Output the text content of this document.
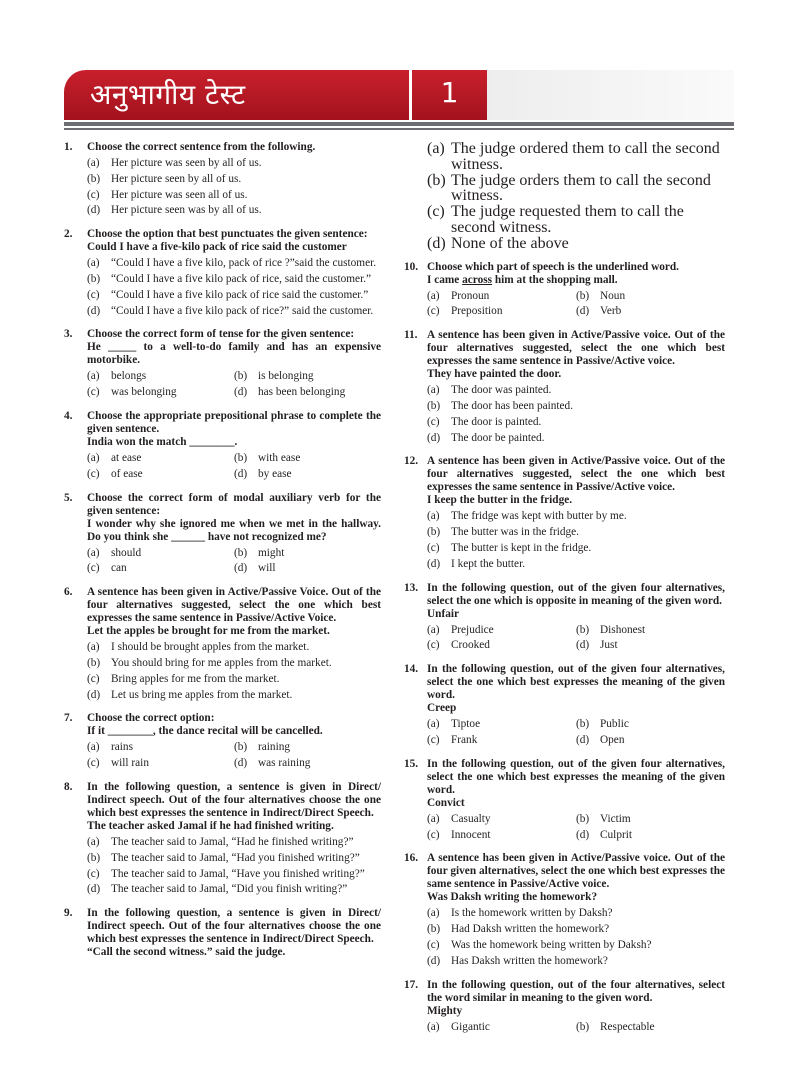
अनुभागीय टेस्ट	1
1.	Choose the correct sentence from the following.
(a)	Her picture was seen by all of us.
(b) Her picture seen by all of us.
(c)	Her picture was seen all of us.
(d) Her picture seen was by all of us.
2.	Choose the option that best punctuates the given sentence:
Could I have a five-kilo pack of rice said the customer
(a)	“Could I have a five kilo, pack of rice ?”said the customer.
(b) “Could I have a five kilo pack of rice, said the customer.”
(c)	“Could I have a five kilo pack of rice said the customer.”
(d) “Could I have a five kilo pack of rice?” said the customer.
3.	Choose the correct form of tense for the given sentence:
He _____ to a well-to-do family and has an expensive motorbike.
(a)	belongs	(b) is belonging
(c)	was belonging	(d) has been belonging
4.	Choose the appropriate prepositional phrase to complete the given sentence.
India won the match ________.
(a)	at ease	(b) with ease
(c)	of ease	(d) by ease
5.	Choose the correct form of modal auxiliary verb for the given sentence:
I wonder why she ignored me when we met in the hallway. Do you think she ______ have not recognized me?
(a)	should	(b) might
(c)	can	(d) will
6.	A sentence has been given in Active/Passive Voice. Out of the four alternatives suggested, select the one which best expresses the same sentence in Passive/Active Voice.
Let the apples be brought for me from the market.
(a)	I should be brought apples from the market.
(b) You should bring for me apples from the market.
(c)	Bring apples for me from the market.
(d) Let us bring me apples from the market.
7.	Choose the correct option:
If it ________, the dance recital will be cancelled.
(a)	rains	(b) raining
(c)	will rain	(d) was raining
8.	In the following question, a sentence is given in Direct/ Indirect speech. Out of the four alternatives choose the one which best expresses the sentence in Indirect/Direct Speech.
The teacher asked Jamal if he had finished writing.
(a)	The teacher said to Jamal, “Had he finished writing?”
(b) The teacher said to Jamal, “Had you finished writing?”
(c)	The teacher said to Jamal, “Have you finished writing?”
(d) The teacher said to Jamal, “Did you finish writing?”
9.	In the following question, a sentence is given in Direct/ Indirect speech. Out of the four alternatives choose the one which best expresses the sentence in Indirect/Direct Speech.
“Call the second witness.” said the judge.
(a) The judge ordered them to call the second witness.
(b) The judge orders them to call the second witness.
(c) The judge requested them to call the second witness.
(d) None of the above
10. Choose which part of speech is the underlined word.
I came across him at the shopping mall.
(a)	Pronoun	(b) Noun
(c)	Preposition	(d) Verb
11. A sentence has been given in Active/Passive voice. Out of the four alternatives suggested, select the one which best expresses the same sentence in Passive/Active voice.
They have painted the door.
(a)	The door was painted.
(b) The door has been painted.
(c)	The door is painted.
(d) The door be painted.
12. A sentence has been given in Active/Passive voice. Out of the four alternatives suggested, select the one which best expresses the same sentence in Passive/Active voice.
I keep the butter in the fridge.
(a)	The fridge was kept with butter by me.
(b) The butter was in the fridge.
(c)	The butter is kept in the fridge.
(d) I kept the butter.
13. In the following question, out of the given four alternatives, select the one which is opposite in meaning of the given word.
Unfair
(a)	Prejudice	(b) Dishonest
(c)	Crooked	(d) Just
14. In the following question, out of the given four alternatives, select the one which best expresses the meaning of the given word.
Creep
(a)	Tiptoe	(b) Public
(c)	Frank	(d) Open
15. In the following question, out of the given four alternatives, select the one which best expresses the meaning of the given word.
Convict
(a)	Casualty	(b) Victim
(c)	Innocent	(d) Culprit
16. A sentence has been given in Active/Passive voice. Out of the four given alternatives, select the one which best expresses the same sentence in Passive/Active voice.
Was Daksh writing the homework?
(a)	Is the homework written by Daksh?
(b) Had Daksh written the homework?
(c)	Was the homework being written by Daksh?
(d) Has Daksh written the homework?
17. In the following question, out of the four alternatives, select the word similar in meaning to the given word.
Mighty
(a)	Gigantic	(b) Respectable
